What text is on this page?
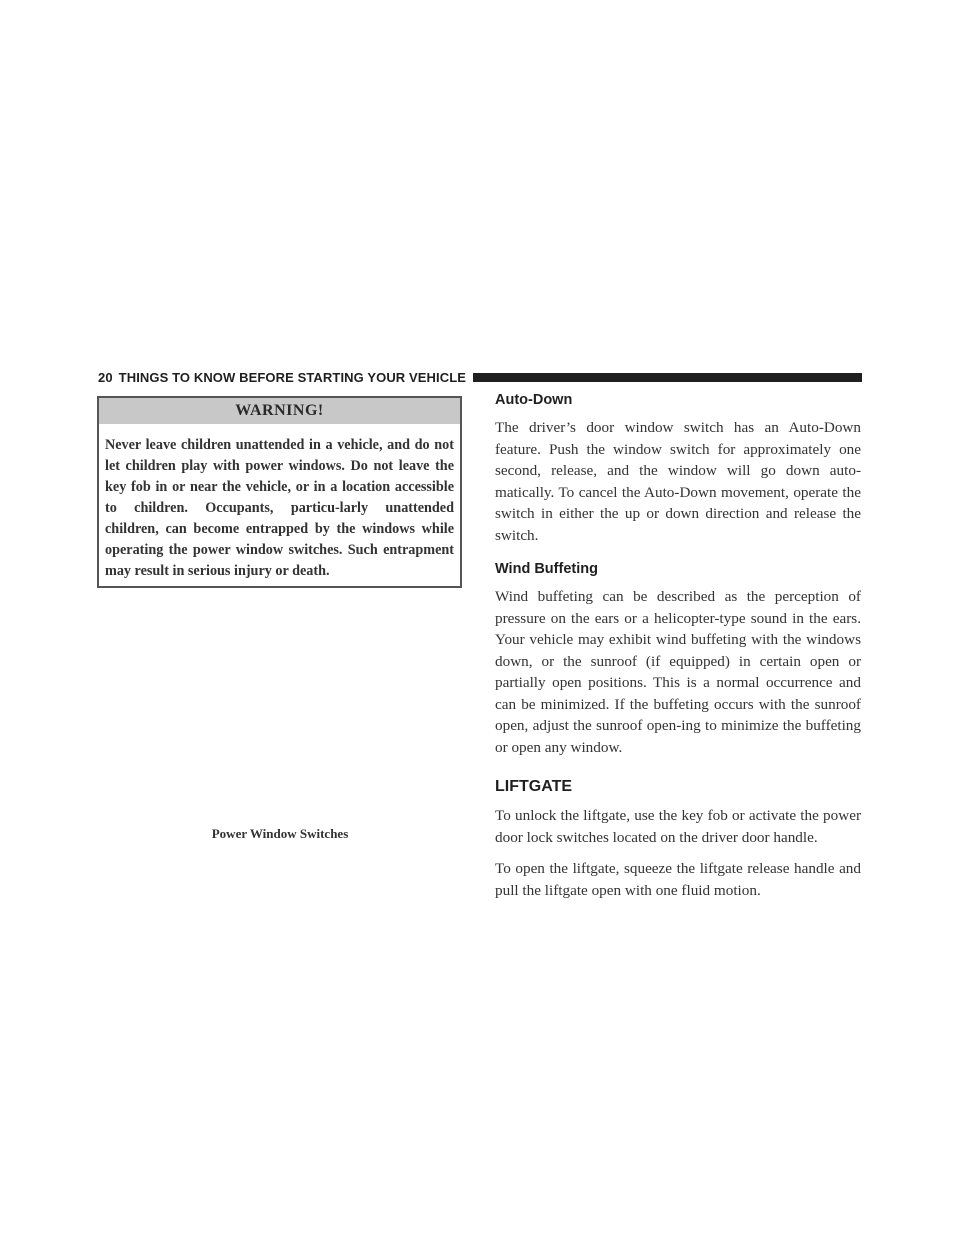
20 THINGS TO KNOW BEFORE STARTING YOUR VEHICLE
WARNING!
Never leave children unattended in a vehicle, and do not let children play with power windows. Do not leave the key fob in or near the vehicle, or in a location accessible to children. Occupants, particu-larly unattended children, can become entrapped by the windows while operating the power window switches. Such entrapment may result in serious injury or death.
Power Window Switches
Auto-Down

The driver’s door window switch has an Auto-Down feature. Push the window switch for approximately one second, release, and the window will go down auto-matically. To cancel the Auto-Down movement, operate the switch in either the up or down direction and release the switch.

Wind Buffeting

Wind buffeting can be described as the perception of pressure on the ears or a helicopter-type sound in the ears. Your vehicle may exhibit wind buffeting with the windows down, or the sunroof (if equipped) in certain open or partially open positions. This is a normal occurrence and can be minimized. If the buffeting occurs with the sunroof open, adjust the sunroof open-ing to minimize the buffeting or open any window.

LIFTGATE

To unlock the liftgate, use the key fob or activate the power door lock switches located on the driver door handle.

To open the liftgate, squeeze the liftgate release handle and pull the liftgate open with one fluid motion.
